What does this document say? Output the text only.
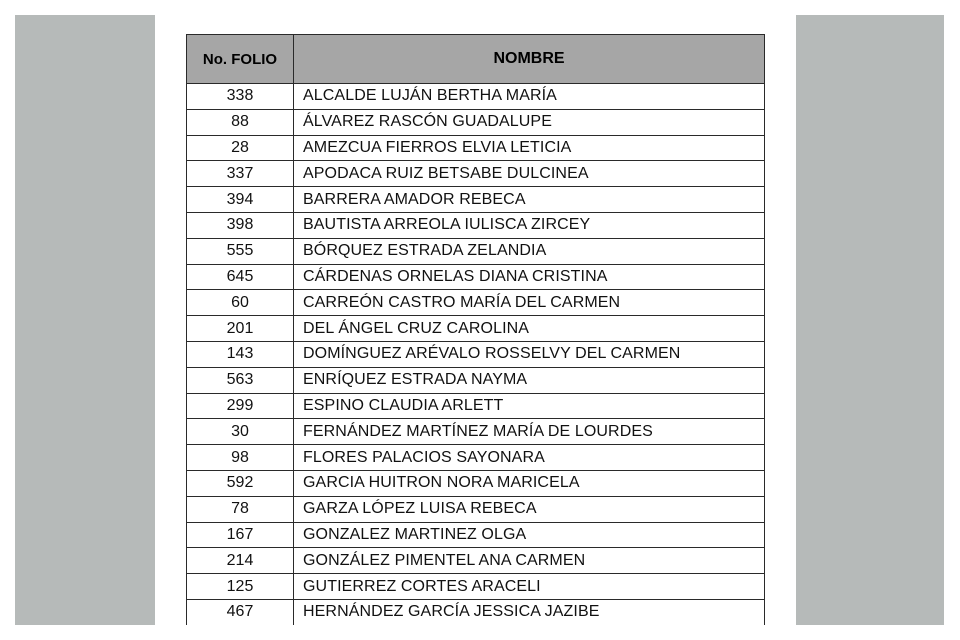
No. FOLIO	NOMBRE
338	ALCALDE LUJÁN BERTHA MARÍA
88	ÁLVAREZ RASCÓN GUADALUPE
28	AMEZCUA FIERROS ELVIA LETICIA
337	APODACA RUIZ BETSABE DULCINEA
394	BARRERA AMADOR REBECA
398	BAUTISTA ARREOLA IULISCA ZIRCEY
555	BÓRQUEZ ESTRADA ZELANDIA
645	CÁRDENAS ORNELAS DIANA CRISTINA
60	CARREÓN CASTRO MARÍA DEL CARMEN
201	DEL ÁNGEL CRUZ CAROLINA
143	DOMÍNGUEZ ARÉVALO ROSSELVY DEL CARMEN
563	ENRÍQUEZ ESTRADA NAYMA
299	ESPINO CLAUDIA ARLETT
30	FERNÁNDEZ MARTÍNEZ MARÍA DE LOURDES
98	FLORES PALACIOS SAYONARA
592	GARCIA HUITRON NORA MARICELA
78	GARZA LÓPEZ LUISA REBECA
167	GONZALEZ MARTINEZ OLGA
214	GONZÁLEZ PIMENTEL ANA CARMEN
125	GUTIERREZ CORTES ARACELI
467	HERNÁNDEZ GARCÍA JESSICA JAZIBE
